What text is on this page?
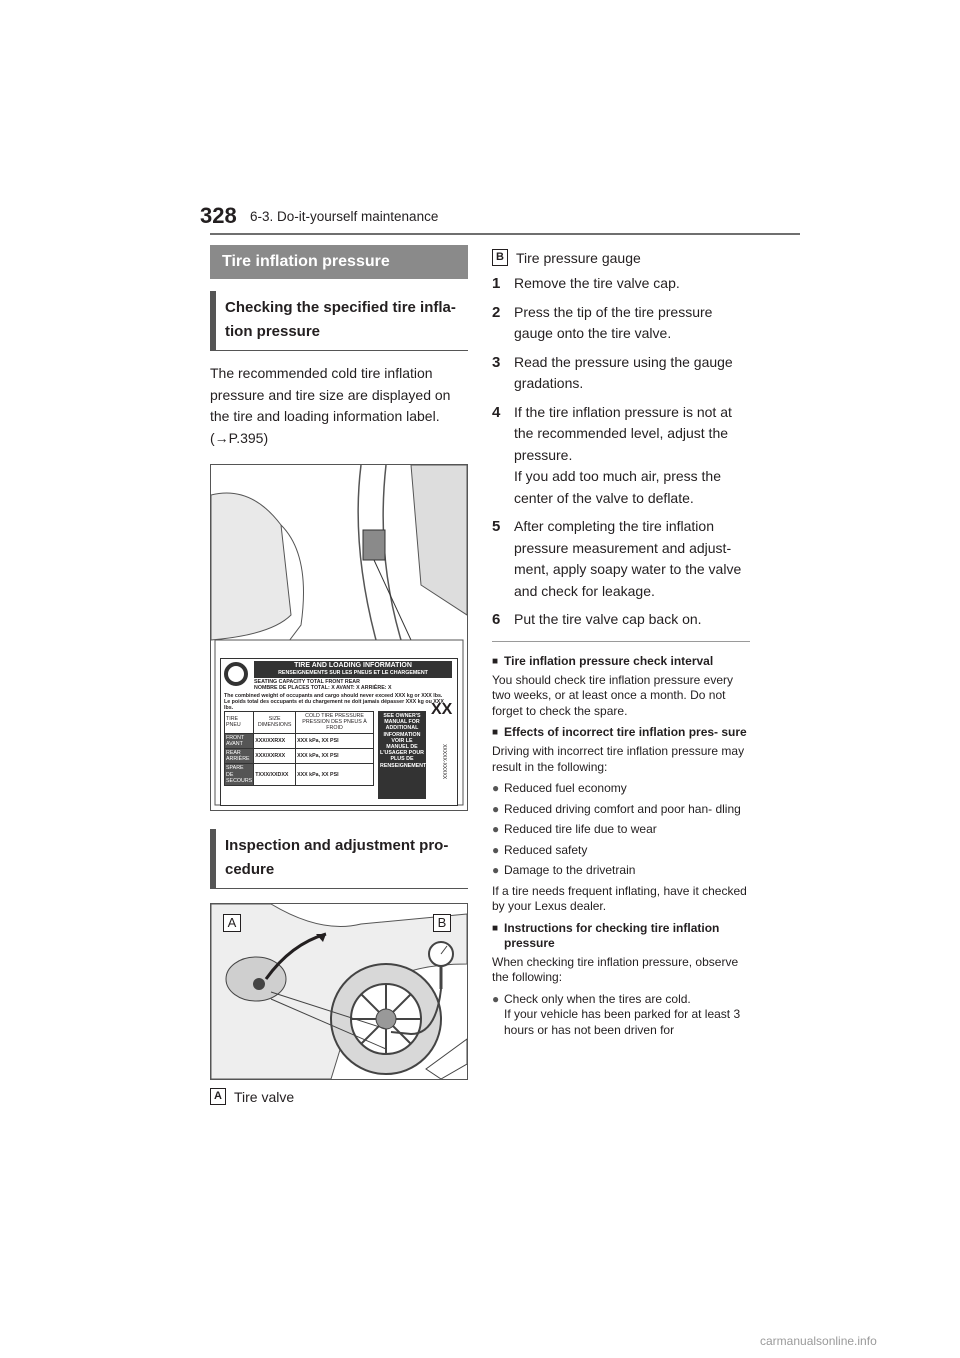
328 6-3. Do-it-yourself maintenance
Tire inflation pressure
Checking the specified tire infla- tion pressure
The recommended cold tire inflation pressure and tire size are displayed on the tire and loading information label. (→P.395)
TIRE AND LOADING INFORMATION
RENSEIGNEMENTS SUR LES PNEUS ET LE CHARGEMENT
SEATING CAPACITY TOTAL FRONT REAR
NOMBRE DE PLACES TOTAL: X AVANT: X ARRIÈRE: X
The combined weight of occupants and cargo should never exceed XXX kg or XXX lbs.
Le poids total des occupants et du chargement ne doit jamais dépasser XXX kg ou XXX lbs.
TIRE PNEU	SIZE DIMENSIONS	COLD TIRE PRESSURE PRESSION DES PNEUS À FROID
FRONT AVANT	XXX/XXRXX	XXX kPa, XX PSI
REAR ARRIÈRE	XXX/XXRXX	XXX kPa, XX PSI
SPARE DE SECOURS	TXXX/XXDXX	XXX kPa, XX PSI
SEE OWNER'S MANUAL FOR ADDITIONAL INFORMATION VOIR LE MANUEL DE L'USAGER POUR PLUS DE RENSEIGNEMENTS
XX
XXXXX-XXXXX
Inspection and adjustment pro- cedure
A	B
A Tire valve
B Tire pressure gauge
1 Remove the tire valve cap.
2 Press the tip of the tire pressure gauge onto the tire valve.
3 Read the pressure using the gauge gradations.
4 If the tire inflation pressure is not at the recommended level, adjust the pressure.
If you add too much air, press the center of the valve to deflate.
5 After completing the tire inflation pressure measurement and adjust- ment, apply soapy water to the valve and check for leakage.
6 Put the tire valve cap back on.
■ Tire inflation pressure check interval
You should check tire inflation pressure every two weeks, or at least once a month. Do not forget to check the spare.
■ Effects of incorrect tire inflation pres- sure
Driving with incorrect tire inflation pressure may result in the following:
● Reduced fuel economy
● Reduced driving comfort and poor han- dling
● Reduced tire life due to wear
● Reduced safety
● Damage to the drivetrain
If a tire needs frequent inflating, have it checked by your Lexus dealer.
■ Instructions for checking tire inflation pressure
When checking tire inflation pressure, observe the following:
● Check only when the tires are cold.
If your vehicle has been parked for at least 3 hours or has not been driven for
carmanualsonline.info
